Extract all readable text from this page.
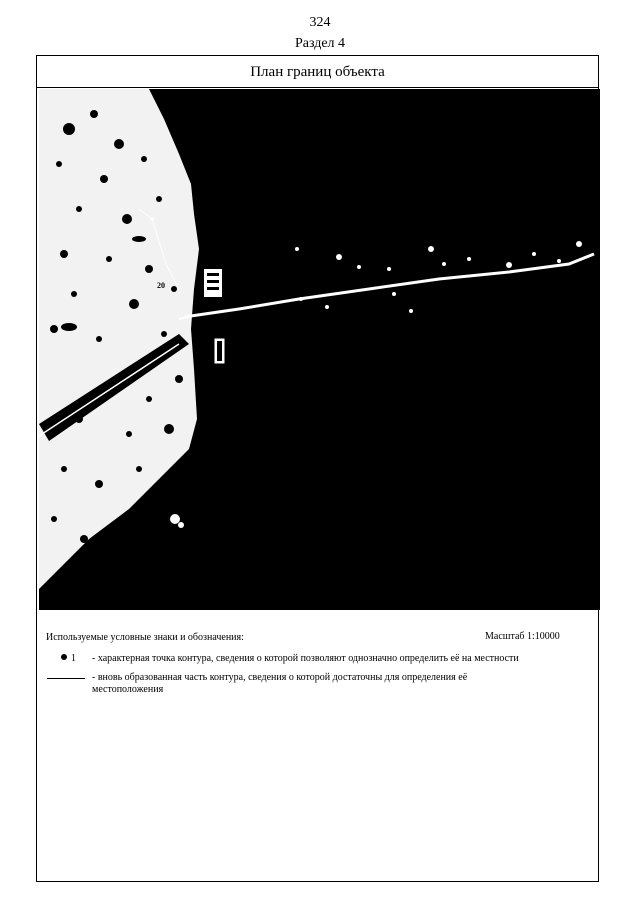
324
Раздел 4
План границ объекта
20
Используемые условные знаки и обозначения:	Масштаб 1:10000
1 - характерная точка контура, сведения о которой позволяют однозначно определить её на местности
- вновь образованная часть контура, сведения о которой достаточны для определения её местоположения
